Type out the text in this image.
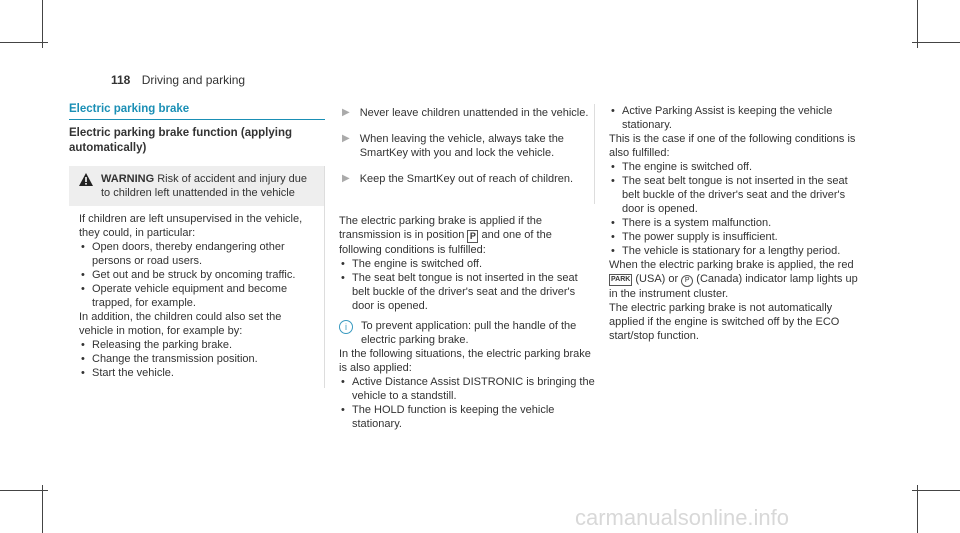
118 Driving and parking
Electric parking brake
Electric parking brake function (applying automatically)
WARNING Risk of accident and injury due to children left unattended in the vehicle

If children are left unsupervised in the vehicle, they could, in particular:

• Open doors, thereby endangering other persons or road users.
• Get out and be struck by oncoming traffic.
• Operate vehicle equipment and become trapped, for example.

In addition, the children could also set the vehicle in motion, for example by:

• Releasing the parking brake.
• Change the transmission position.
• Start the vehicle.
▶ Never leave children unattended in the vehicle.
▶ When leaving the vehicle, always take the SmartKey with you and lock the vehicle.
▶ Keep the SmartKey out of reach of children.

The electric parking brake is applied if the transmission is in position P and one of the following conditions is fulfilled:

• The engine is switched off.
• The seat belt tongue is not inserted in the seat belt buckle of the driver's seat and the driver's door is opened.
i	To prevent application: pull the handle of the electric parking brake.

In the following situations, the electric parking brake is also applied:

• Active Distance Assist DISTRONIC is bringing the vehicle to a standstill.
• The HOLD function is keeping the vehicle stationary.
• Active Parking Assist is keeping the vehicle stationary.

This is the case if one of the following conditions is also fulfilled:

• The engine is switched off.
• The seat belt tongue is not inserted in the seat belt buckle of the driver's seat and the driver's door is opened.
• There is a system malfunction.
• The power supply is insufficient.
• The vehicle is stationary for a lengthy period.

When the electric parking brake is applied, the red PARK (USA) or P (Canada) indicator lamp lights up in the instrument cluster.

The electric parking brake is not automatically applied if the engine is switched off by the ECO start/stop function.

carmanualsonline.info
